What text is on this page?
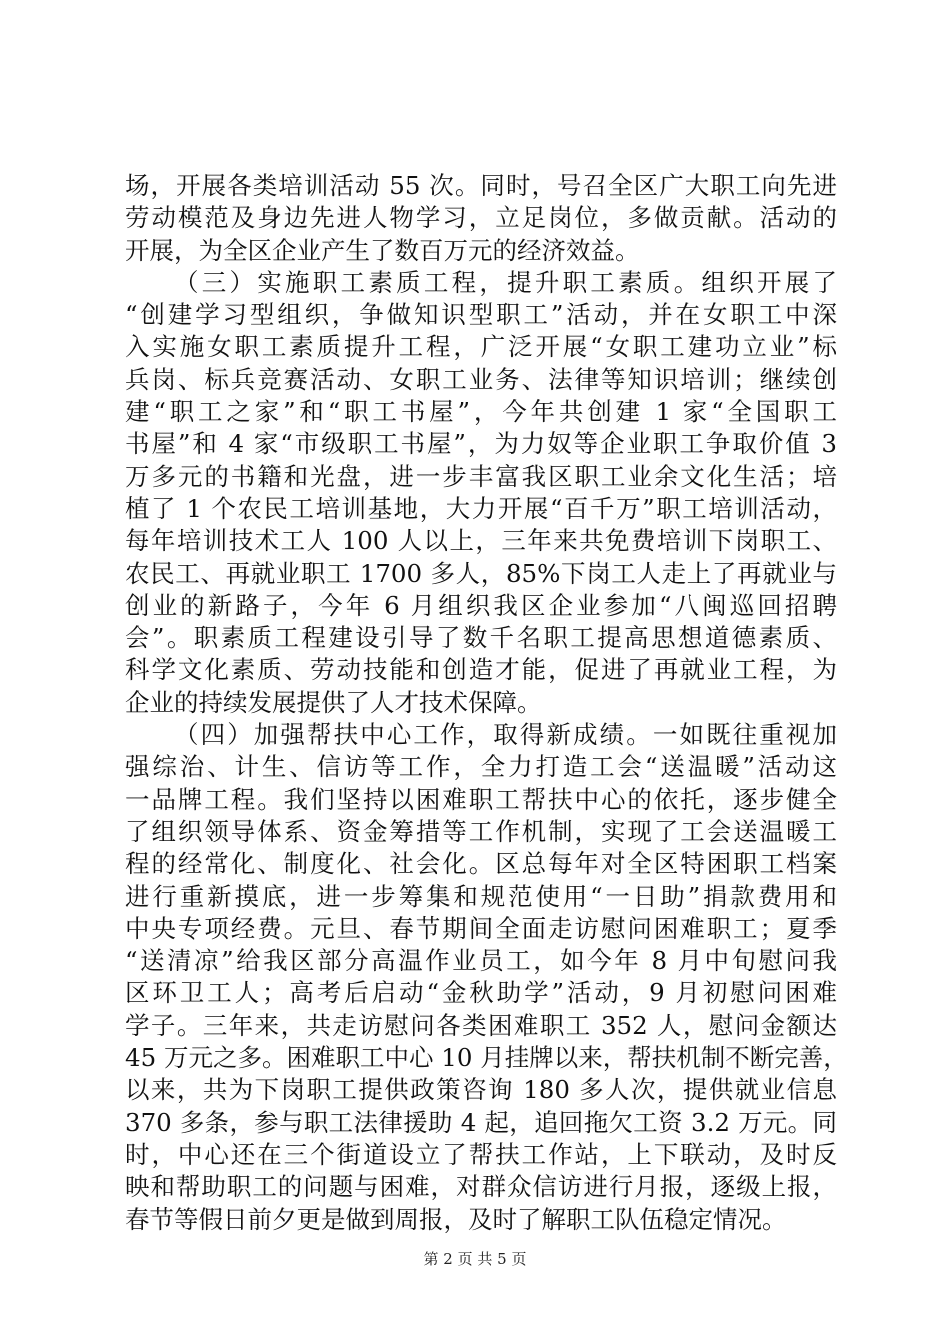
场，开展各类培训活动 55 次。同时，号召全区广大职工向先进
劳动模范及身边先进人物学习，立足岗位，多做贡献。活动的
开展，为全区企业产生了数百万元的经济效益。
（三）实施职工素质工程，提升职工素质。组织开展了
“创建学习型组织，争做知识型职工”活动，并在女职工中深
入实施女职工素质提升工程，广泛开展“女职工建功立业”标
兵岗、标兵竞赛活动、女职工业务、法律等知识培训；继续创
建“职工之家”和“职工书屋”，今年共创建 1 家“全国职工
书屋”和 4 家“市级职工书屋”，为力奴等企业职工争取价值 3
万多元的书籍和光盘，进一步丰富我区职工业余文化生活；培
植了 1 个农民工培训基地，大力开展“百千万”职工培训活动，
每年培训技术工人 100 人以上，三年来共免费培训下岗职工、
农民工、再就业职工 1700 多人，85%下岗工人走上了再就业与
创业的新路子，今年 6 月组织我区企业参加“八闽巡回招聘
会”。职素质工程建设引导了数千名职工提高思想道德素质、
科学文化素质、劳动技能和创造才能，促进了再就业工程，为
企业的持续发展提供了人才技术保障。
（四）加强帮扶中心工作，取得新成绩。一如既往重视加
强综治、计生、信访等工作，全力打造工会“送温暖”活动这
一品牌工程。我们坚持以困难职工帮扶中心的依托，逐步健全
了组织领导体系、资金筹措等工作机制，实现了工会送温暖工
程的经常化、制度化、社会化。区总每年对全区特困职工档案
进行重新摸底，进一步筹集和规范使用“一日助”捐款费用和
中央专项经费。元旦、春节期间全面走访慰问困难职工；夏季
“送清凉”给我区部分高温作业员工，如今年 8 月中旬慰问我
区环卫工人；高考后启动“金秋助学”活动，9 月初慰问困难
学子。三年来，共走访慰问各类困难职工 352 人，慰问金额达
45 万元之多。困难职工中心 10 月挂牌以来，帮扶机制不断完善，
以来，共为下岗职工提供政策咨询 180 多人次，提供就业信息
370 多条，参与职工法律援助 4 起，追回拖欠工资 3.2 万元。同
时，中心还在三个街道设立了帮扶工作站，上下联动，及时反
映和帮助职工的问题与困难，对群众信访进行月报，逐级上报，
春节等假日前夕更是做到周报，及时了解职工队伍稳定情况。
第 2 页 共 5 页
